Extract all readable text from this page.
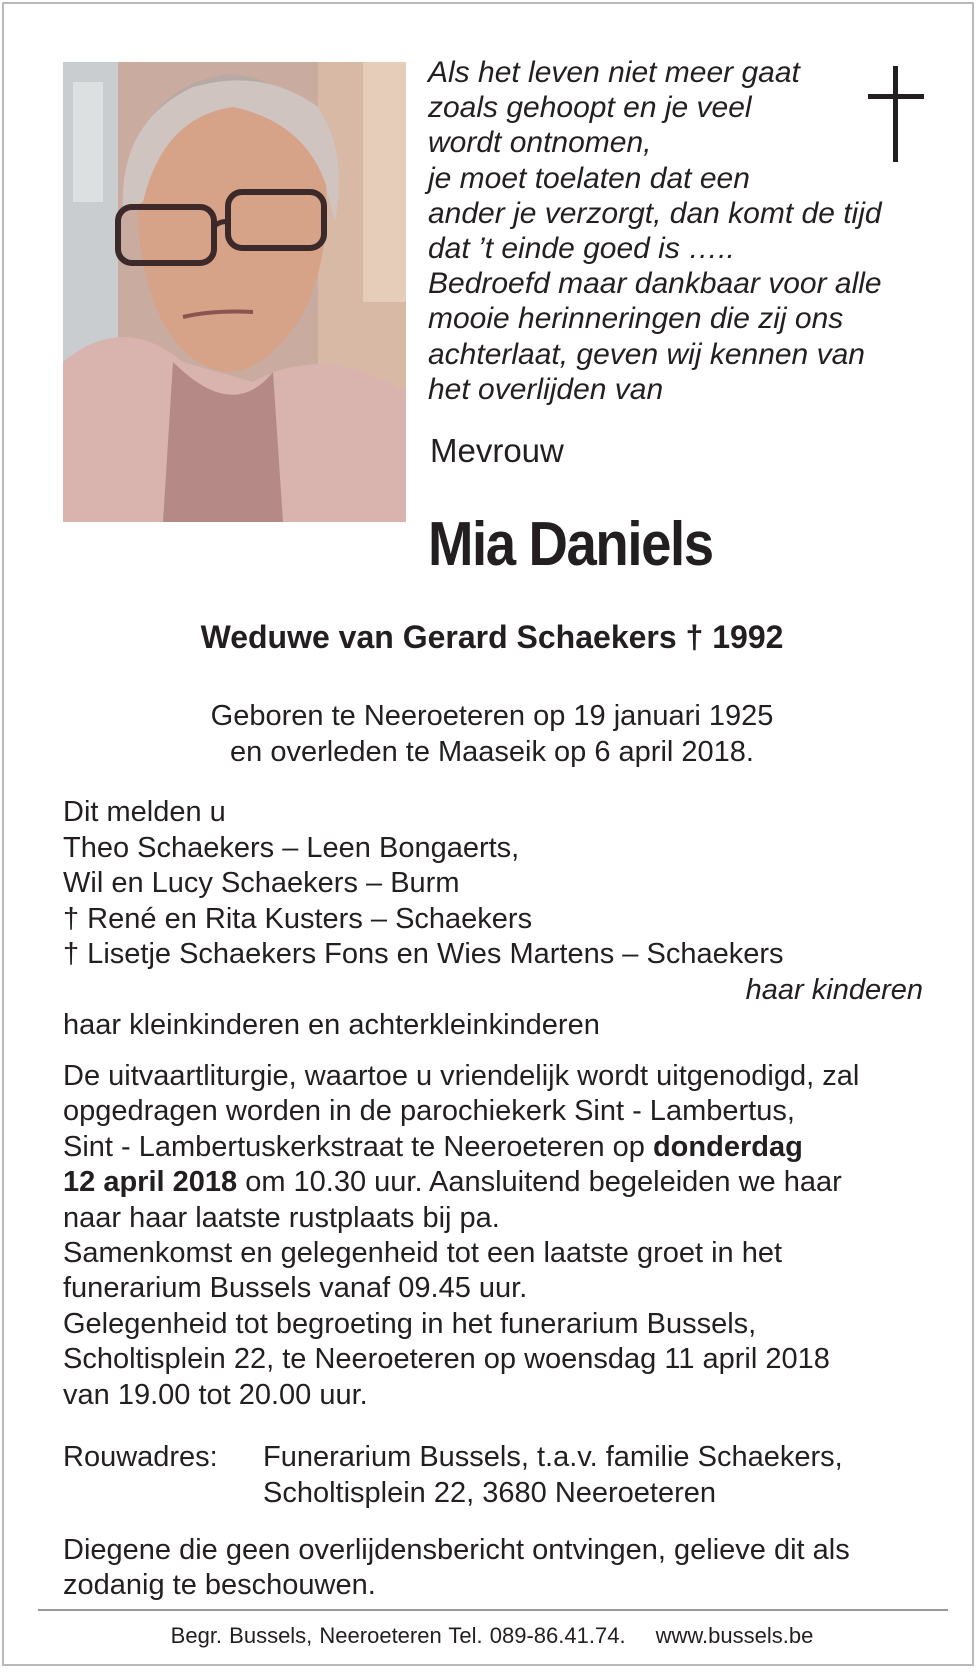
Als het leven niet meer gaat
zoals gehoopt en je veel
wordt ontnomen,
je moet toelaten dat een
ander je verzorgt, dan komt de tijd
dat ’t einde goed is …..
Bedroefd maar dankbaar voor alle
mooie herinneringen die zij ons
achterlaat, geven wij kennen van
het overlijden van
Mevrouw
Mia Daniels
Weduwe van Gerard Schaekers † 1992
Geboren te Neeroeteren op 19 januari 1925
en overleden te Maaseik op 6 april 2018.
Dit melden u
Theo Schaekers – Leen Bongaerts,
Wil en Lucy Schaekers – Burm
† René en Rita Kusters – Schaekers
† Lisetje Schaekers Fons en Wies Martens – Schaekers
haar kinderen
haar kleinkinderen en achterkleinkinderen
De uitvaartliturgie, waartoe u vriendelijk wordt uitgenodigd, zal
opgedragen worden in de parochiekerk Sint - Lambertus,
Sint - Lambertuskerkstraat te Neeroeteren op donderdag
12 april 2018 om 10.30 uur. Aansluitend begeleiden we haar
naar haar laatste rustplaats bij pa.
Samenkomst en gelegenheid tot een laatste groet in het
funerarium Bussels vanaf 09.45 uur.
Gelegenheid tot begroeting in het funerarium Bussels,
Scholtisplein 22, te Neeroeteren op woensdag 11 april 2018
van 19.00 tot 20.00 uur.
Rouwadres:	Funerarium Bussels, t.a.v. familie Schaekers,
Scholtisplein 22, 3680 Neeroeteren
Diegene die geen overlijdensbericht ontvingen, gelieve dit als
zodanig te beschouwen.
Begr. Bussels, Neeroeteren Tel. 089-86.41.74. www.bussels.be
